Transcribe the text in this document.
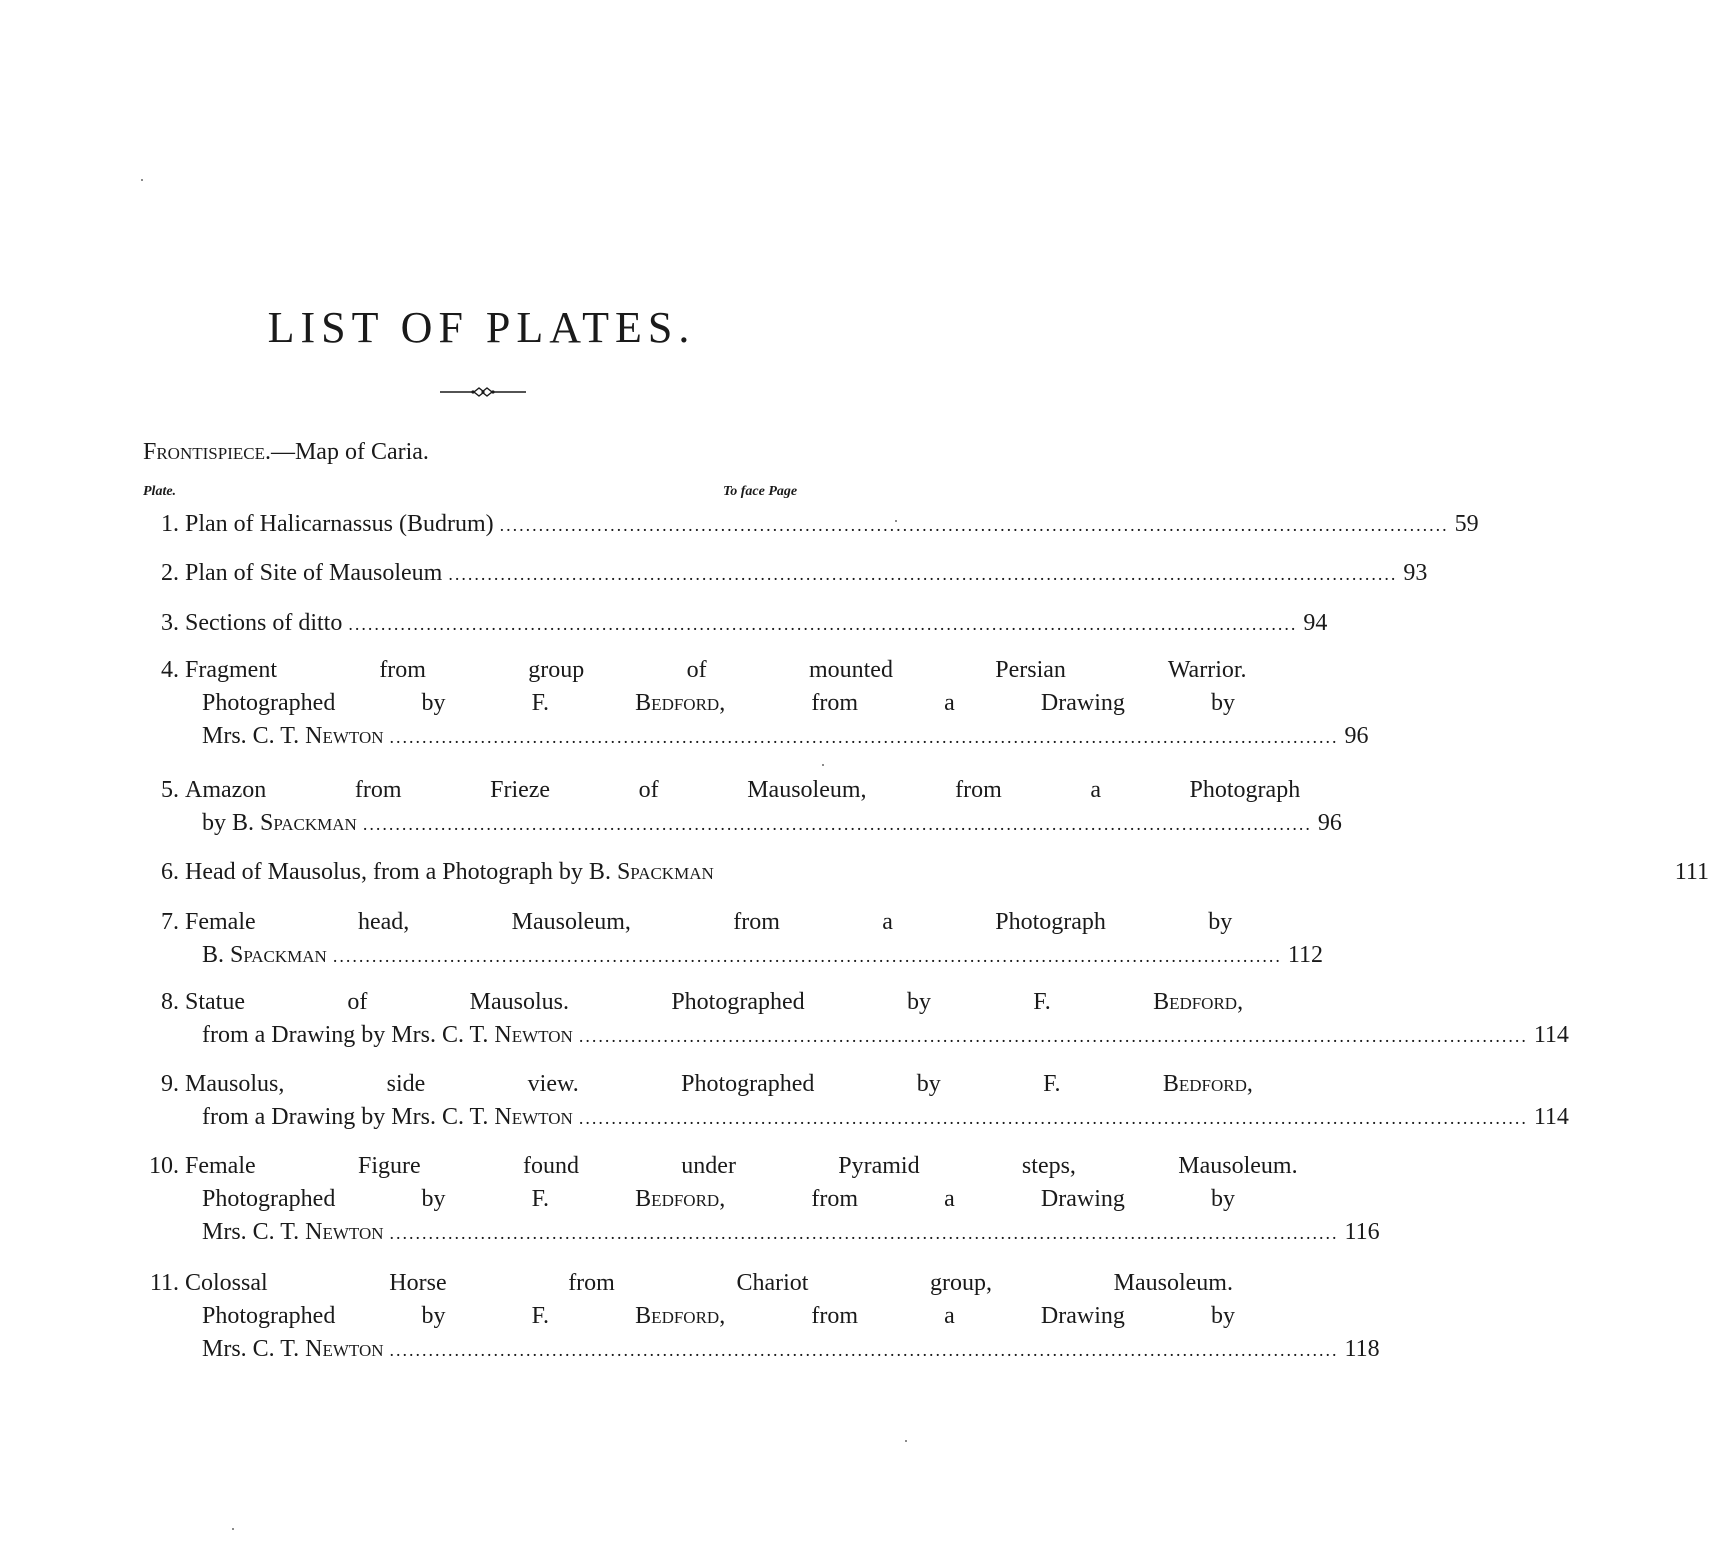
LIST OF PLATES.
Frontispiece.—Map of Caria.
Plate.	To face Page
1. Plan of Halicarnassus (Budrum) .....	59
2. Plan of Site of Mausoleum .....	93
3. Sections of ditto .....	94
4. Fragment from group of mounted Persian Warrior.
Photographed by F. Bedford, from a Drawing by
Mrs. C. T. Newton .....	96
5. Amazon from Frieze of Mausoleum, from a Photograph
by B. Spackman .....	96
6. Head of Mausolus, from a Photograph by B. Spackman	111
7. Female head, Mausoleum, from a Photograph by
B. Spackman .....	112
8. Statue of Mausolus. Photographed by F. Bedford,
from a Drawing by Mrs. C. T. Newton .....	114
9. Mausolus, side view. Photographed by F. Bedford,
from a Drawing by Mrs. C. T. Newton .....	114
10. Female Figure found under Pyramid steps, Mausoleum.
Photographed by F. Bedford, from a Drawing by
Mrs. C. T. Newton .....	116
11. Colossal Horse from Chariot group, Mausoleum.
Photographed by F. Bedford, from a Drawing by
Mrs. C. T. Newton .....	118
